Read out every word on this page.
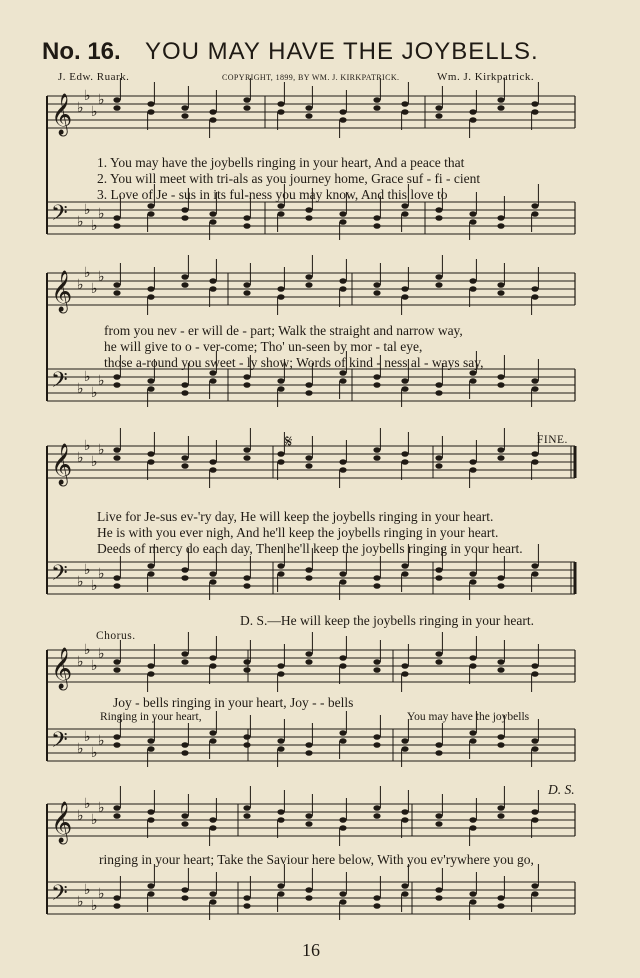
No. 16. YOU MAY HAVE THE JOYBELLS.
J. Edw. Ruark.	COPYRIGHT, 1899, BY WM. J. KIRKPATRICK.	Wm. J. Kirkpatrick.
𝄞 ♭
♭
♭
♭
𝄢 ♭
♭
♭
♭
𝄞 ♭
♭
♭
♭
𝄢 ♭
♭
♭
♭
𝄞 ♭
♭
♭
♭
𝄢 ♭
♭
♭
♭
𝄞 ♭
♭
♭
♭
𝄢 ♭
♭
♭
♭
𝄞 ♭
♭
♭
♭
𝄢 ♭
♭
♭
♭
1. You may have the joybells ringing in your heart, And a peace that
2. You will meet with tri-als as you journey home, Grace suf - fi - cient
3. Love of Je - sus in its ful-ness you may know, And this love to
from you nev - er will de - part; Walk the straight and narrow way,
he will give to o - ver-come; Tho' un-seen by mor - tal eye,
those a-round you sweet - ly show; Words of kind - ness al - ways say,
𝄋	FINE.
Live for Je-sus ev-'ry day, He will keep the joybells ringing in your heart.
He is with you ever nigh, And he'll keep the joybells ringing in your heart.
Deeds of mercy do each day, Then he'll keep the joybells ringing in your heart.
D. S.—He will keep the joybells ringing in your heart.
Chorus.
Joy - bells ringing in your heart, Joy - - bells
Ringing in your heart,	You may have the joybells
D. S.
ringing in your heart; Take the Saviour here below, With you ev'rywhere you go,
16
